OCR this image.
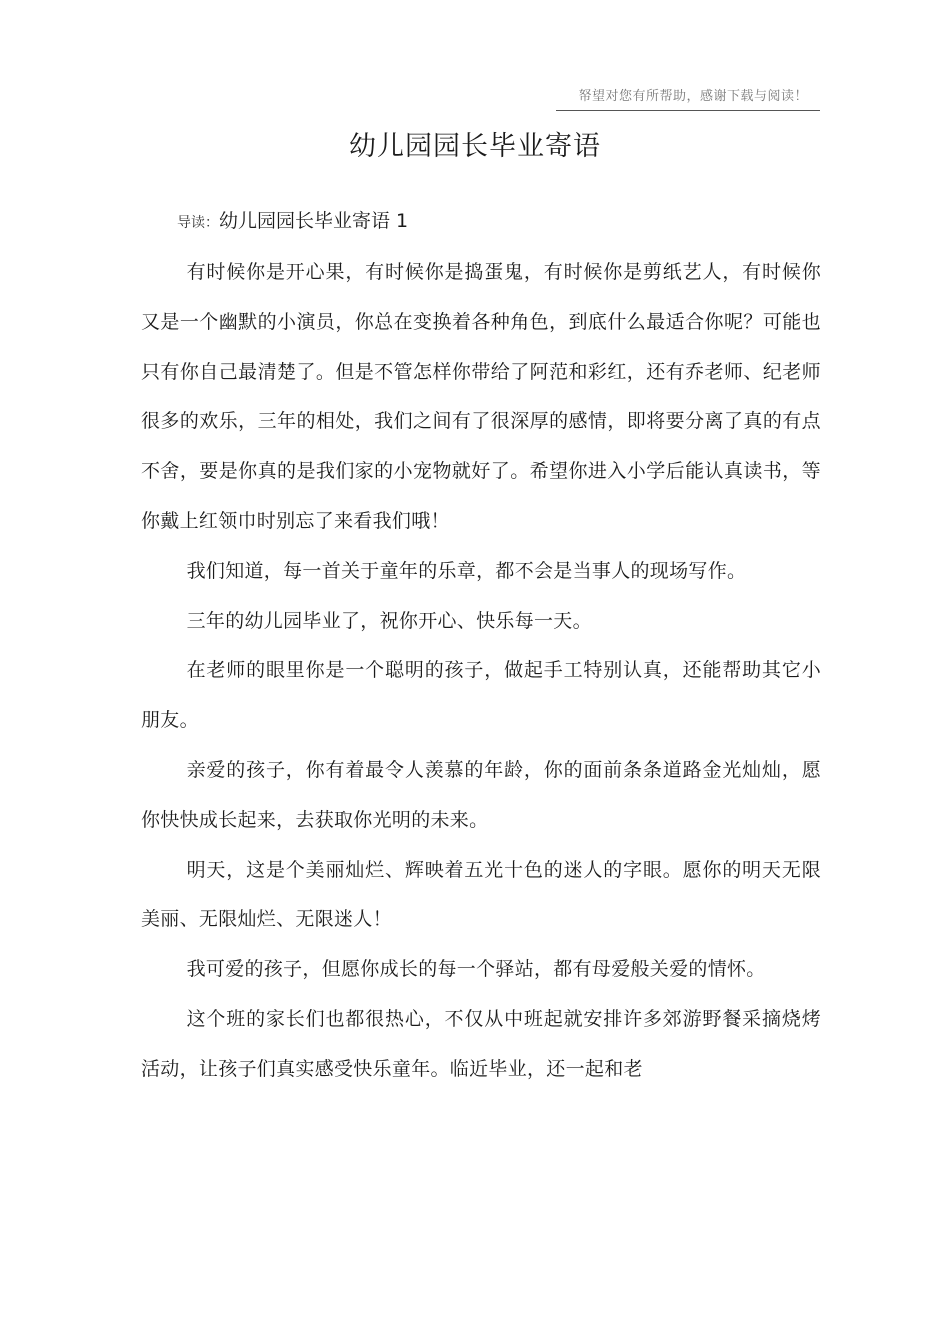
帑望对您有所帮助，感谢下载与阅读！
幼儿园园长毕业寄语
导读：幼儿园园长毕业寄语 1

有时候你是开心果，有时候你是捣蛋鬼，有时候你是剪纸艺人，有时候你又是一个幽默的小演员，你总在变换着各种角色，到底什么最适合你呢？可能也只有你自己最清楚了。但是不管怎样你带给了阿范和彩红，还有乔老师、纪老师很多的欢乐，三年的相处，我们之间有了很深厚的感情，即将要分离了真的有点不舍，要是你真的是我们家的小宠物就好了。希望你进入小学后能认真读书，等你戴上红领巾时别忘了来看我们哦！

我们知道，每一首关于童年的乐章，都不会是当事人的现场写作。

三年的幼儿园毕业了，祝你开心、快乐每一天。

在老师的眼里你是一个聪明的孩子，做起手工特别认真，还能帮助其它小朋友。

亲爱的孩子，你有着最令人羡慕的年龄，你的面前条条道路金光灿灿，愿你快快成长起来，去获取你光明的未来。

明天，这是个美丽灿烂、辉映着五光十色的迷人的字眼。愿你的明天无限美丽、无限灿烂、无限迷人！

我可爱的孩子，但愿你成长的每一个驿站，都有母爱般关爱的情怀。

这个班的家长们也都很热心，不仅从中班起就安排许多郊游野餐采摘烧烤活动，让孩子们真实感受快乐童年。临近毕业，还一起和老
